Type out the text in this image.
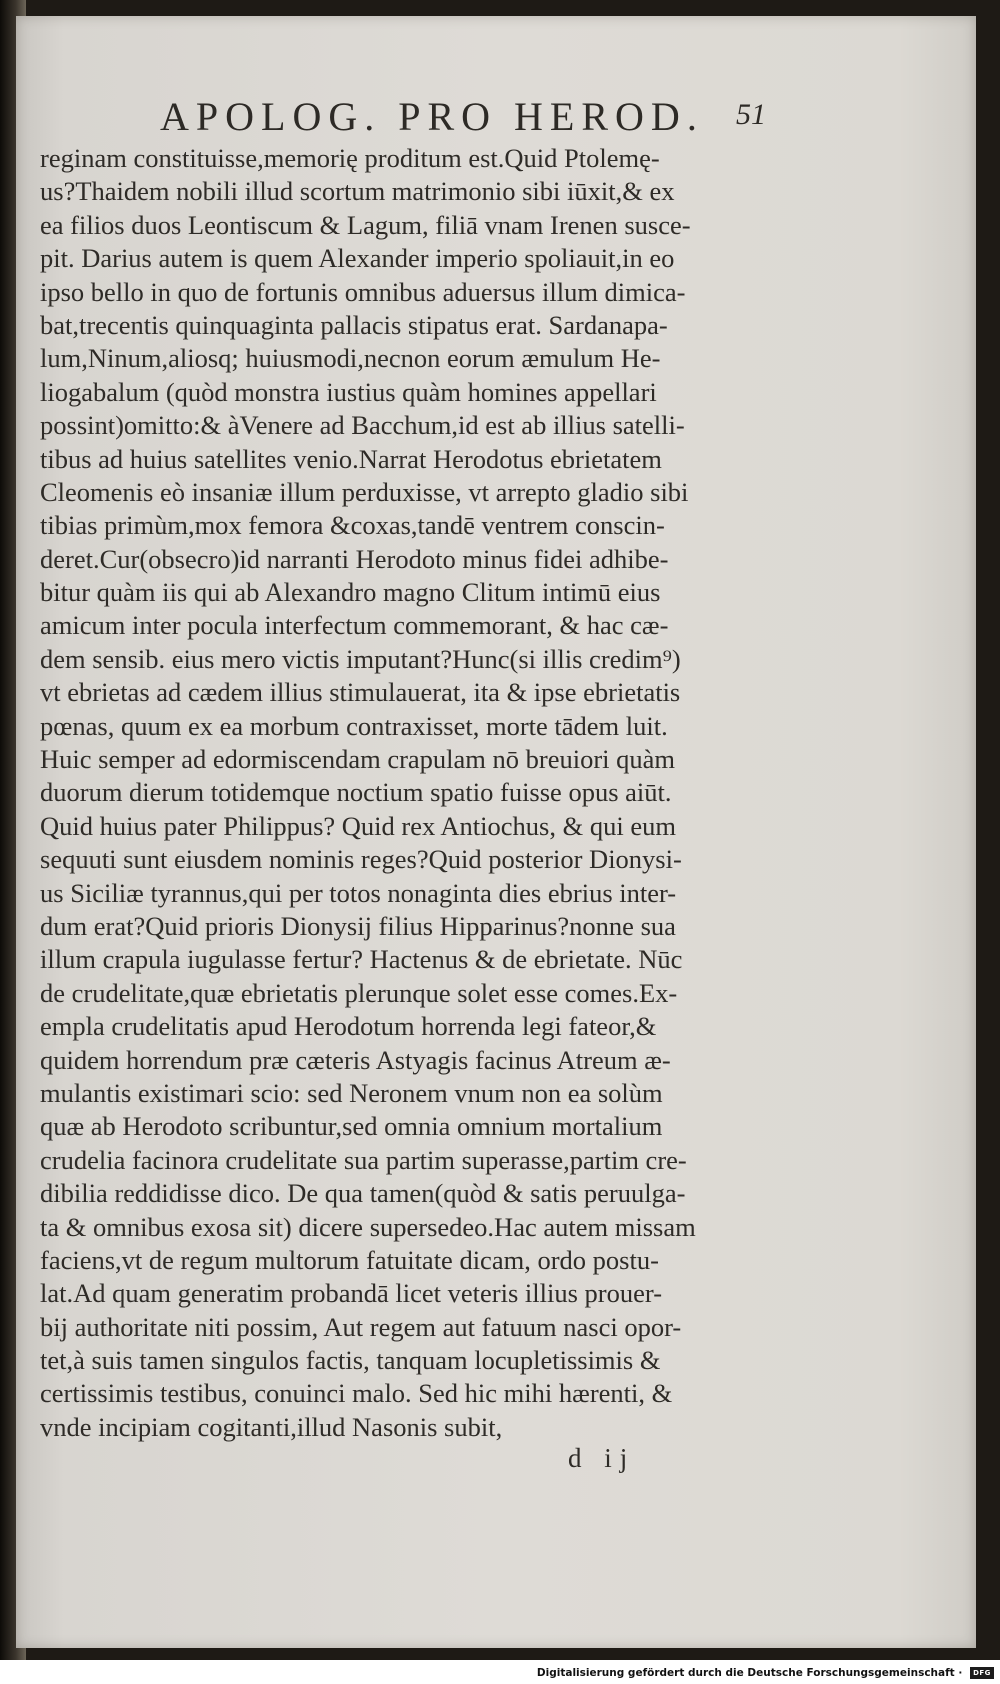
APOLOG. PRO HEROD.	51
reginam constituisse,memorię proditum est.Quid Ptolemę-
us?Thaidem nobili illud scortum matrimonio sibi iūxit,& ex
ea filios duos Leontiscum & Lagum, filiā vnam Irenen susce-
pit. Darius autem is quem Alexander imperio spoliauit,in eo
ipso bello in quo de fortunis omnibus aduersus illum dimica-
bat,trecentis quinquaginta pallacis stipatus erat. Sardanapa-
lum,Ninum,aliosq; huiusmodi,necnon eorum æmulum He-
liogabalum (quòd monstra iustius quàm homines appellari
possint)omitto:& àVenere ad Bacchum,id est ab illius satelli-
tibus ad huius satellites venio.Narrat Herodotus ebrietatem
Cleomenis eò insaniæ illum perduxisse, vt arrepto gladio sibi
tibias primùm,mox femora &coxas,tandē ventrem conscin-
deret.Cur(obsecro)id narranti Herodoto minus fidei adhibe-
bitur quàm iis qui ab Alexandro magno Clitum intimū eius
amicum inter pocula interfectum commemorant, & hac cæ-
dem sensib. eius mero victis imputant?Hunc(si illis credim⁹)
vt ebrietas ad cædem illius stimulauerat, ita & ipse ebrietatis
pœnas, quum ex ea morbum contraxisset, morte tādem luit.
Huic semper ad edormiscendam crapulam nō breuiori quàm
duorum dierum totidemque noctium spatio fuisse opus aiūt.
Quid huius pater Philippus? Quid rex Antiochus, & qui eum
sequuti sunt eiusdem nominis reges?Quid posterior Dionysi-
us Siciliæ tyrannus,qui per totos nonaginta dies ebrius inter-
dum erat?Quid prioris Dionysij filius Hipparinus?nonne sua
illum crapula iugulasse fertur? Hactenus & de ebrietate. Nūc
de crudelitate,quæ ebrietatis plerunque solet esse comes.Ex-
empla crudelitatis apud Herodotum horrenda legi fateor,&
quidem horrendum præ cæteris Astyagis facinus Atreum æ-
mulantis existimari scio: sed Neronem vnum non ea solùm
quæ ab Herodoto scribuntur,sed omnia omnium mortalium
crudelia facinora crudelitate sua partim superasse,partim cre-
dibilia reddidisse dico. De qua tamen(quòd & satis peruulga-
ta & omnibus exosa sit) dicere supersedeo.Hac autem missam
faciens,vt de regum multorum fatuitate dicam, ordo postu-
lat.Ad quam generatim probandā licet veteris illius prouer-
bij authoritate niti possim, Aut regem aut fatuum nasci opor-
tet,à suis tamen singulos factis, tanquam locupletissimis &
certissimis testibus, conuinci malo. Sed hic mihi hærenti, &
vnde incipiam cogitanti,illud Nasonis subit,
d ij
Digitalisierung gefördert durch die Deutsche Forschungsgemeinschaft · DFG
